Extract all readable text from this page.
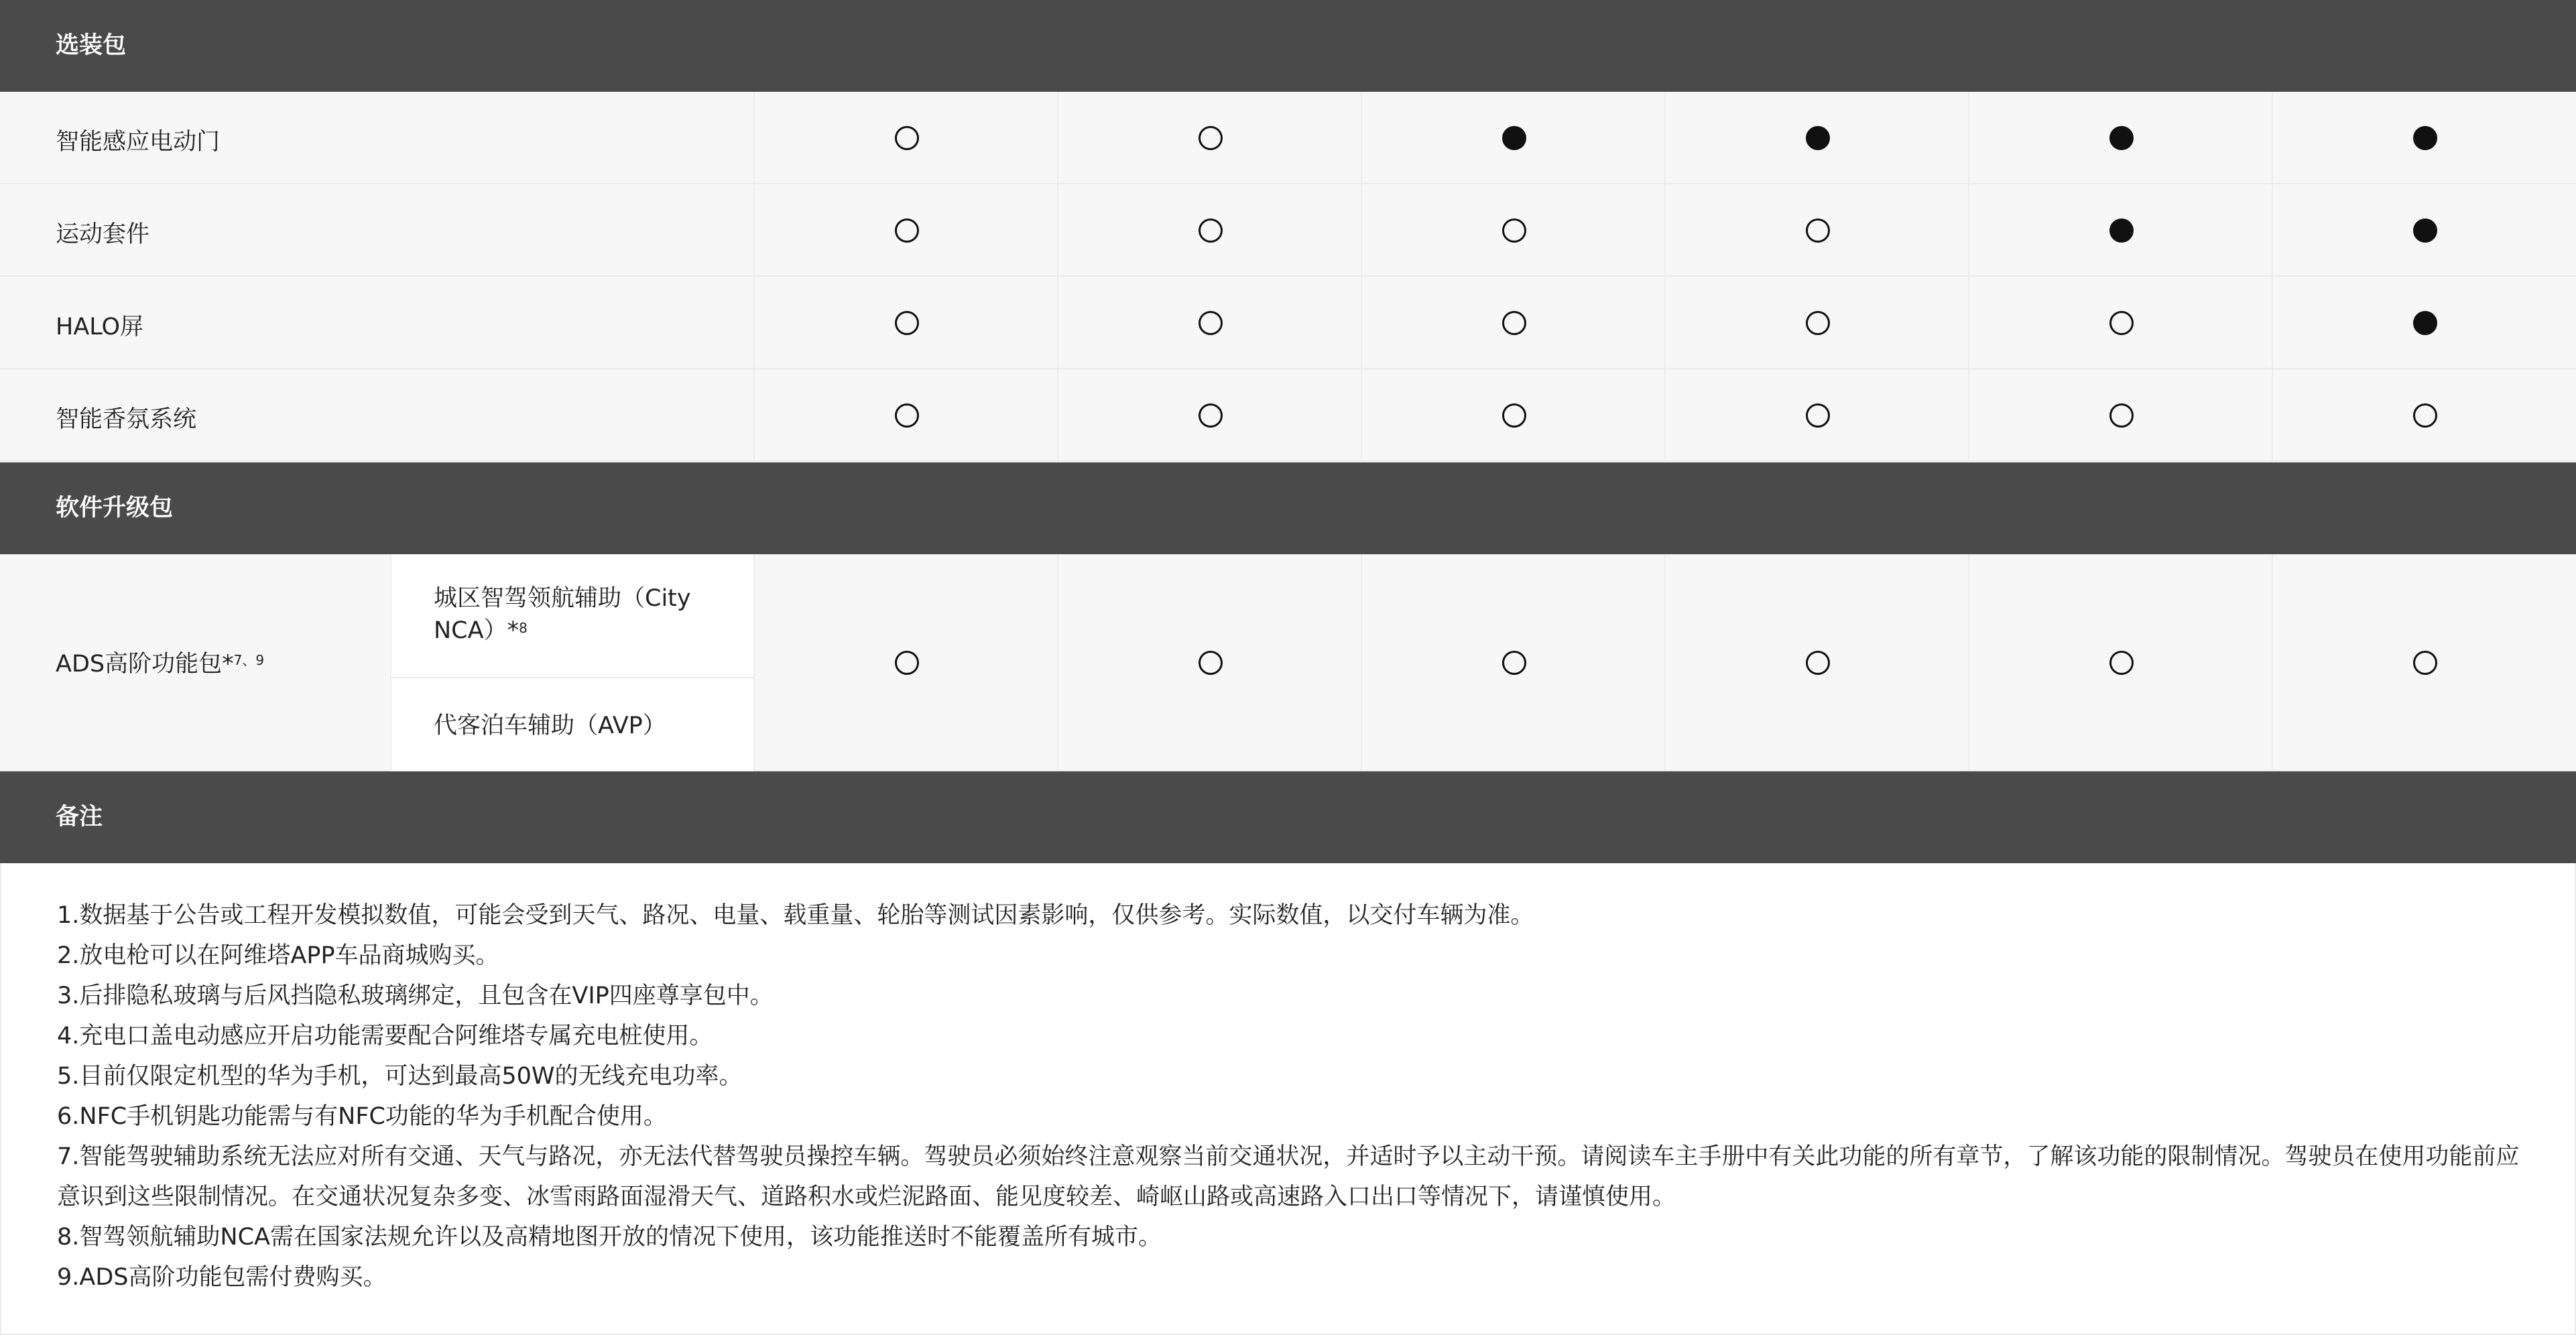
选装包
智能感应电动门
运动套件
HALO屏
智能香氛系统
软件升级包
ADS高阶功能包*$^{7、9}$
城区智驾领航辅助（City NCA）*$^8$
代客泊车辅助（AVP）
备注

1.数据基于公告或工程开发模拟数值，可能会受到天气、路况、电量、载重量、轮胎等测试因素影响，仅供参考。实际数值，以交付车辆为准。

2.放电枪可以在阿维塔APP车品商城购买。

3.后排隐私玻璃与后风挡隐私玻璃绑定，且包含在VIP四座尊享包中。

4.充电口盖电动感应开启功能需要配合阿维塔专属充电桩使用。

5.目前仅限定机型的华为手机，可达到最高50W的无线充电功率。

6.NFC手机钥匙功能需与有NFC功能的华为手机配合使用。

7.智能驾驶辅助系统无法应对所有交通、天气与路况，亦无法代替驾驶员操控车辆。驾驶员必须始终注意观察当前交通状况，并适时予以主动干预。请阅读车主手册中有关此功能的所有章节，了解该功能的限制情况。驾驶员在使用功能前应意识到这些限制情况。在交通状况复杂多变、冰雪雨路面湿滑天气、道路积水或烂泥路面、能见度较差、崎岖山路或高速路入口出口等情况下，请谨慎使用。

8.智驾领航辅助NCA需在国家法规允许以及高精地图开放的情况下使用，该功能推送时不能覆盖所有城市。

9.ADS高阶功能包需付费购买。
